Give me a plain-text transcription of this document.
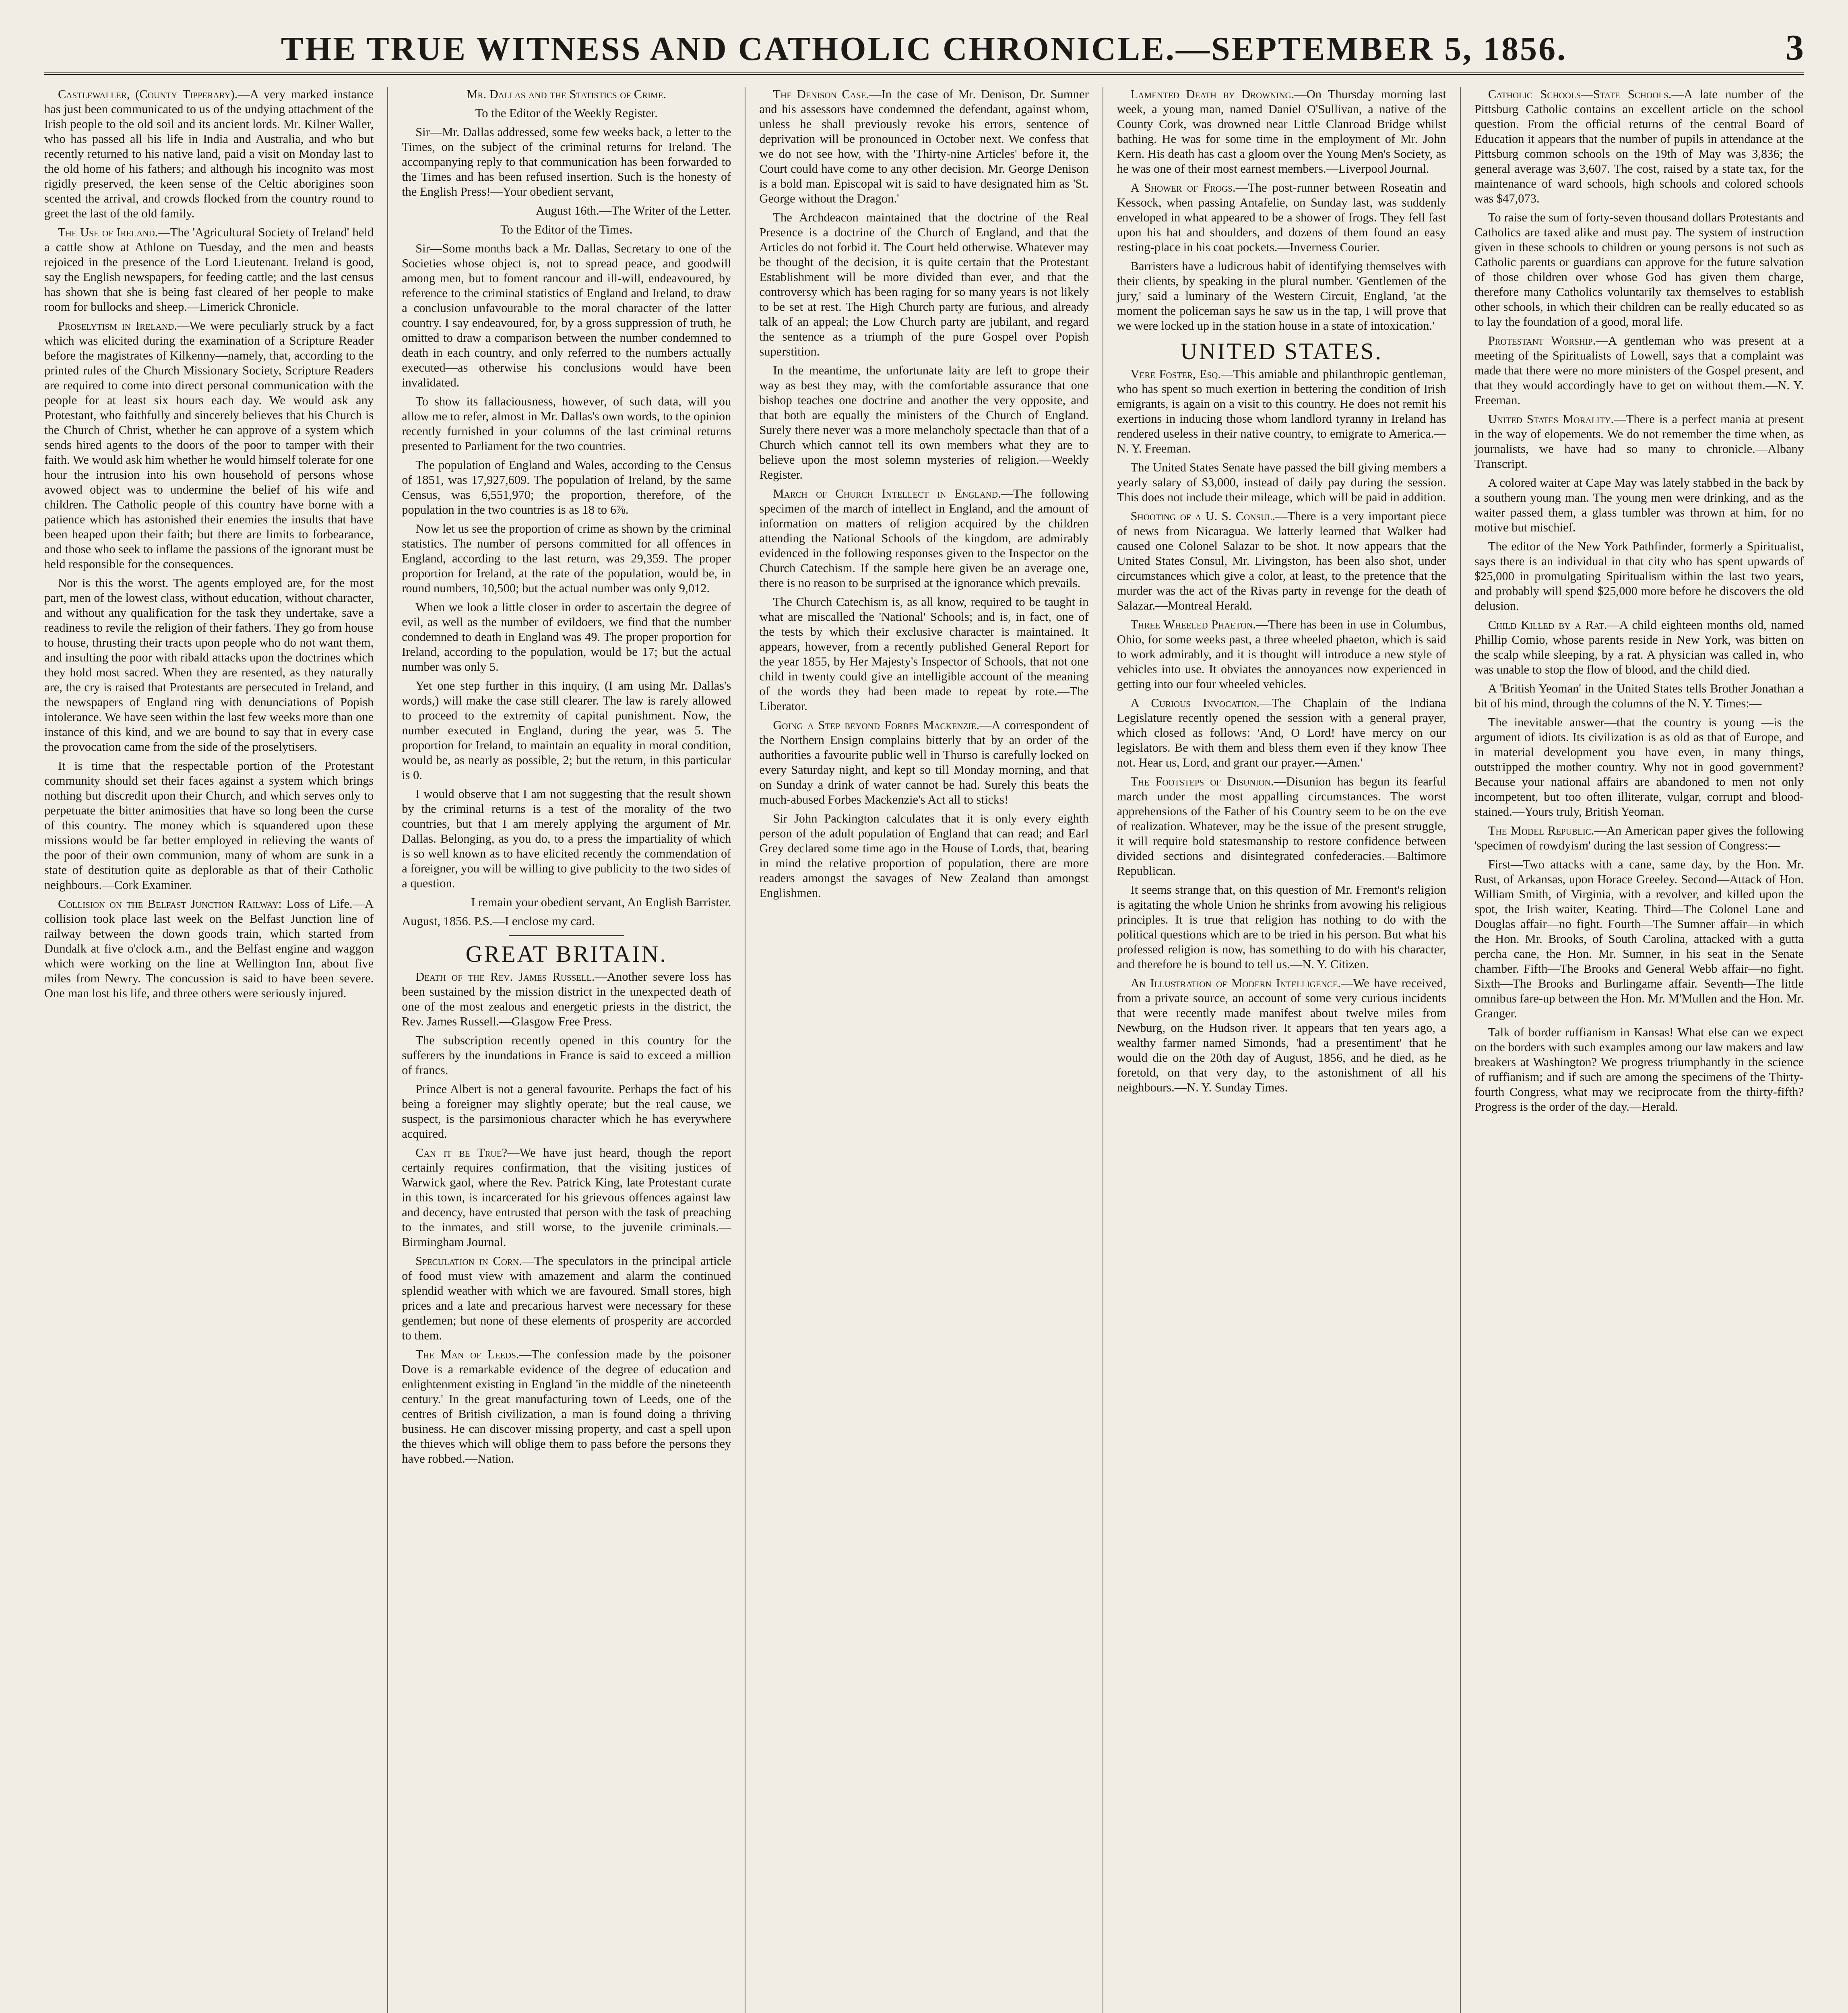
THE TRUE WITNESS AND CATHOLIC CHRONICLE.—SEPTEMBER 5, 1856.	3

Castlewaller, (County Tipperary).—A very marked instance has just been communicated to us of the undying attachment of the Irish people to the old soil and its ancient lords. Mr. Kilner Waller, who has passed all his life in India and Australia, and who but recently returned to his native land, paid a visit on Monday last to the old home of his fathers; and although his incognito was most rigidly preserved, the keen sense of the Celtic aborigines soon scented the arrival, and crowds flocked from the country round to greet the last of the old family.

The Use of Ireland.—The 'Agricultural Society of Ireland' held a cattle show at Athlone on Tuesday, and the men and beasts rejoiced in the presence of the Lord Lieutenant. Ireland is good, say the English newspapers, for feeding cattle; and the last census has shown that she is being fast cleared of her people to make room for bullocks and sheep.—Limerick Chronicle.

Proselytism in Ireland.—We were peculiarly struck by a fact which was elicited during the examination of a Scripture Reader before the magistrates of Kilkenny—namely, that, according to the printed rules of the Church Missionary Society, Scripture Readers are required to come into direct personal communication with the people for at least six hours each day. We would ask any Protestant, who faithfully and sincerely believes that his Church is the Church of Christ, whether he can approve of a system which sends hired agents to the doors of the poor to tamper with their faith. We would ask him whether he would himself tolerate for one hour the intrusion into his own household of persons whose avowed object was to undermine the belief of his wife and children. The Catholic people of this country have borne with a patience which has astonished their enemies the insults that have been heaped upon their faith; but there are limits to forbearance, and those who seek to inflame the passions of the ignorant must be held responsible for the consequences.

Nor is this the worst. The agents employed are, for the most part, men of the lowest class, without education, without character, and without any qualification for the task they undertake, save a readiness to revile the religion of their fathers. They go from house to house, thrusting their tracts upon people who do not want them, and insulting the poor with ribald attacks upon the doctrines which they hold most sacred. When they are resented, as they naturally are, the cry is raised that Protestants are persecuted in Ireland, and the newspapers of England ring with denunciations of Popish intolerance. We have seen within the last few weeks more than one instance of this kind, and we are bound to say that in every case the provocation came from the side of the proselytisers.

It is time that the respectable portion of the Protestant community should set their faces against a system which brings nothing but discredit upon their Church, and which serves only to perpetuate the bitter animosities that have so long been the curse of this country. The money which is squandered upon these missions would be far better employed in relieving the wants of the poor of their own communion, many of whom are sunk in a state of destitution quite as deplorable as that of their Catholic neighbours.—Cork Examiner.

Collision on the Belfast Junction Railway: Loss of Life.—A collision took place last week on the Belfast Junction line of railway between the down goods train, which started from Dundalk at five o'clock a.m., and the Belfast engine and waggon which were working on the line at Wellington Inn, about five miles from Newry. The concussion is said to have been severe. One man lost his life, and three others were seriously injured.

Mr. Dallas and the Statistics of Crime.

To the Editor of the Weekly Register.

Sir—Mr. Dallas addressed, some few weeks back, a letter to the Times, on the subject of the criminal returns for Ireland. The accompanying reply to that communication has been forwarded to the Times and has been refused insertion. Such is the honesty of the English Press!—Your obedient servant,

August 16th.—The Writer of the Letter.

To the Editor of the Times.

Sir—Some months back a Mr. Dallas, Secretary to one of the Societies whose object is, not to spread peace, and goodwill among men, but to foment rancour and ill-will, endeavoured, by reference to the criminal statistics of England and Ireland, to draw a conclusion unfavourable to the moral character of the latter country. I say endeavoured, for, by a gross suppression of truth, he omitted to draw a comparison between the number condemned to death in each country, and only referred to the numbers actually executed—as otherwise his conclusions would have been invalidated.

To show its fallaciousness, however, of such data, will you allow me to refer, almost in Mr. Dallas's own words, to the opinion recently furnished in your columns of the last criminal returns presented to Parliament for the two countries.

The population of England and Wales, according to the Census of 1851, was 17,927,609. The population of Ireland, by the same Census, was 6,551,970; the proportion, therefore, of the population in the two countries is as 18 to 6⅞.

Now let us see the proportion of crime as shown by the criminal statistics. The number of persons committed for all offences in England, according to the last return, was 29,359. The proper proportion for Ireland, at the rate of the population, would be, in round numbers, 10,500; but the actual number was only 9,012.

When we look a little closer in order to ascertain the degree of evil, as well as the number of evildoers, we find that the number condemned to death in England was 49. The proper proportion for Ireland, according to the population, would be 17; but the actual number was only 5.

Yet one step further in this inquiry, (I am using Mr. Dallas's words,) will make the case still clearer. The law is rarely allowed to proceed to the extremity of capital punishment. Now, the number executed in England, during the year, was 5. The proportion for Ireland, to maintain an equality in moral condition, would be, as nearly as possible, 2; but the return, in this particular is 0.

I would observe that I am not suggesting that the result shown by the criminal returns is a test of the morality of the two countries, but that I am merely applying the argument of Mr. Dallas. Belonging, as you do, to a press the impartiality of which is so well known as to have elicited recently the commendation of a foreigner, you will be willing to give publicity to the two sides of a question.

I remain your obedient servant, An English Barrister.

August, 1856. P.S.—I enclose my card.

GREAT BRITAIN.

Death of the Rev. James Russell.—Another severe loss has been sustained by the mission district in the unexpected death of one of the most zealous and energetic priests in the district, the Rev. James Russell.—Glasgow Free Press.

The subscription recently opened in this country for the sufferers by the inundations in France is said to exceed a million of francs.

Prince Albert is not a general favourite. Perhaps the fact of his being a foreigner may slightly operate; but the real cause, we suspect, is the parsimonious character which he has everywhere acquired.

Can it be True?—We have just heard, though the report certainly requires confirmation, that the visiting justices of Warwick gaol, where the Rev. Patrick King, late Protestant curate in this town, is incarcerated for his grievous offences against law and decency, have entrusted that person with the task of preaching to the inmates, and still worse, to the juvenile criminals.—Birmingham Journal.

Speculation in Corn.—The speculators in the principal article of food must view with amazement and alarm the continued splendid weather with which we are favoured. Small stores, high prices and a late and precarious harvest were necessary for these gentlemen; but none of these elements of prosperity are accorded to them.

The Man of Leeds.—The confession made by the poisoner Dove is a remarkable evidence of the degree of education and enlightenment existing in England 'in the middle of the nineteenth century.' In the great manufacturing town of Leeds, one of the centres of British civilization, a man is found doing a thriving business. He can discover missing property, and cast a spell upon the thieves which will oblige them to pass before the persons they have robbed.—Nation.

The Denison Case.—In the case of Mr. Denison, Dr. Sumner and his assessors have condemned the defendant, against whom, unless he shall previously revoke his errors, sentence of deprivation will be pronounced in October next. We confess that we do not see how, with the 'Thirty-nine Articles' before it, the Court could have come to any other decision. Mr. George Denison is a bold man. Episcopal wit is said to have designated him as 'St. George without the Dragon.'

The Archdeacon maintained that the doctrine of the Real Presence is a doctrine of the Church of England, and that the Articles do not forbid it. The Court held otherwise. Whatever may be thought of the decision, it is quite certain that the Protestant Establishment will be more divided than ever, and that the controversy which has been raging for so many years is not likely to be set at rest. The High Church party are furious, and already talk of an appeal; the Low Church party are jubilant, and regard the sentence as a triumph of the pure Gospel over Popish superstition.

In the meantime, the unfortunate laity are left to grope their way as best they may, with the comfortable assurance that one bishop teaches one doctrine and another the very opposite, and that both are equally the ministers of the Church of England. Surely there never was a more melancholy spectacle than that of a Church which cannot tell its own members what they are to believe upon the most solemn mysteries of religion.—Weekly Register.

March of Church Intellect in England.—The following specimen of the march of intellect in England, and the amount of information on matters of religion acquired by the children attending the National Schools of the kingdom, are admirably evidenced in the following responses given to the Inspector on the Church Catechism. If the sample here given be an average one, there is no reason to be surprised at the ignorance which prevails.

The Church Catechism is, as all know, required to be taught in what are miscalled the 'National' Schools; and is, in fact, one of the tests by which their exclusive character is maintained. It appears, however, from a recently published General Report for the year 1855, by Her Majesty's Inspector of Schools, that not one child in twenty could give an intelligible account of the meaning of the words they had been made to repeat by rote.—The Liberator.

Going a Step beyond Forbes Mackenzie.—A correspondent of the Northern Ensign complains bitterly that by an order of the authorities a favourite public well in Thurso is carefully locked on every Saturday night, and kept so till Monday morning, and that on Sunday a drink of water cannot be had. Surely this beats the much-abused Forbes Mackenzie's Act all to sticks!

Sir John Packington calculates that it is only every eighth person of the adult population of England that can read; and Earl Grey declared some time ago in the House of Lords, that, bearing in mind the relative proportion of population, there are more readers amongst the savages of New Zealand than amongst Englishmen.

Lamented Death by Drowning.—On Thursday morning last week, a young man, named Daniel O'Sullivan, a native of the County Cork, was drowned near Little Clanroad Bridge whilst bathing. He was for some time in the employment of Mr. John Kern. His death has cast a gloom over the Young Men's Society, as he was one of their most earnest members.—Liverpool Journal.

A Shower of Frogs.—The post-runner between Roseatin and Kessock, when passing Antafelie, on Sunday last, was suddenly enveloped in what appeared to be a shower of frogs. They fell fast upon his hat and shoulders, and dozens of them found an easy resting-place in his coat pockets.—Inverness Courier.

Barristers have a ludicrous habit of identifying themselves with their clients, by speaking in the plural number. 'Gentlemen of the jury,' said a luminary of the Western Circuit, England, 'at the moment the policeman says he saw us in the tap, I will prove that we were locked up in the station house in a state of intoxication.'

UNITED STATES.

Vere Foster, Esq.—This amiable and philanthropic gentleman, who has spent so much exertion in bettering the condition of Irish emigrants, is again on a visit to this country. He does not remit his exertions in inducing those whom landlord tyranny in Ireland has rendered useless in their native country, to emigrate to America.—N. Y. Freeman.

The United States Senate have passed the bill giving members a yearly salary of $3,000, instead of daily pay during the session. This does not include their mileage, which will be paid in addition.

Shooting of a U. S. Consul.—There is a very important piece of news from Nicaragua. We latterly learned that Walker had caused one Colonel Salazar to be shot. It now appears that the United States Consul, Mr. Livingston, has been also shot, under circumstances which give a color, at least, to the pretence that the murder was the act of the Rivas party in revenge for the death of Salazar.—Montreal Herald.

Three Wheeled Phaeton.—There has been in use in Columbus, Ohio, for some weeks past, a three wheeled phaeton, which is said to work admirably, and it is thought will introduce a new style of vehicles into use. It obviates the annoyances now experienced in getting into our four wheeled vehicles.

A Curious Invocation.—The Chaplain of the Indiana Legislature recently opened the session with a general prayer, which closed as follows: 'And, O Lord! have mercy on our legislators. Be with them and bless them even if they know Thee not. Hear us, Lord, and grant our prayer.—Amen.'

The Footsteps of Disunion.—Disunion has begun its fearful march under the most appalling circumstances. The worst apprehensions of the Father of his Country seem to be on the eve of realization. Whatever, may be the issue of the present struggle, it will require bold statesmanship to restore confidence between divided sections and disintegrated confederacies.—Baltimore Republican.

It seems strange that, on this question of Mr. Fremont's religion is agitating the whole Union he shrinks from avowing his religious principles. It is true that religion has nothing to do with the political questions which are to be tried in his person. But what his professed religion is now, has something to do with his character, and therefore he is bound to tell us.—N. Y. Citizen.

An Illustration of Modern Intelligence.—We have received, from a private source, an account of some very curious incidents that were recently made manifest about twelve miles from Newburg, on the Hudson river. It appears that ten years ago, a wealthy farmer named Simonds, 'had a presentiment' that he would die on the 20th day of August, 1856, and he died, as he foretold, on that very day, to the astonishment of all his neighbours.—N. Y. Sunday Times.

Catholic Schools—State Schools.—A late number of the Pittsburg Catholic contains an excellent article on the school question. From the official returns of the central Board of Education it appears that the number of pupils in attendance at the Pittsburg common schools on the 19th of May was 3,836; the general average was 3,607. The cost, raised by a state tax, for the maintenance of ward schools, high schools and colored schools was $47,073.

To raise the sum of forty-seven thousand dollars Protestants and Catholics are taxed alike and must pay. The system of instruction given in these schools to children or young persons is not such as Catholic parents or guardians can approve for the future salvation of those children over whose God has given them charge, therefore many Catholics voluntarily tax themselves to establish other schools, in which their children can be really educated so as to lay the foundation of a good, moral life.

Protestant Worship.—A gentleman who was present at a meeting of the Spiritualists of Lowell, says that a complaint was made that there were no more ministers of the Gospel present, and that they would accordingly have to get on without them.—N. Y. Freeman.

United States Morality.—There is a perfect mania at present in the way of elopements. We do not remember the time when, as journalists, we have had so many to chronicle.—Albany Transcript.

A colored waiter at Cape May was lately stabbed in the back by a southern young man. The young men were drinking, and as the waiter passed them, a glass tumbler was thrown at him, for no motive but mischief.

The editor of the New York Pathfinder, formerly a Spiritualist, says there is an individual in that city who has spent upwards of $25,000 in promulgating Spiritualism within the last two years, and probably will spend $25,000 more before he discovers the old delusion.

Child Killed by a Rat.—A child eighteen months old, named Phillip Comio, whose parents reside in New York, was bitten on the scalp while sleeping, by a rat. A physician was called in, who was unable to stop the flow of blood, and the child died.

A 'British Yeoman' in the United States tells Brother Jonathan a bit of his mind, through the columns of the N. Y. Times:—

The inevitable answer—that the country is young —is the argument of idiots. Its civilization is as old as that of Europe, and in material development you have even, in many things, outstripped the mother country. Why not in good government? Because your national affairs are abandoned to men not only incompetent, but too often illiterate, vulgar, corrupt and blood-stained.—Yours truly, British Yeoman.

The Model Republic.—An American paper gives the following 'specimen of rowdyism' during the last session of Congress:—

First—Two attacks with a cane, same day, by the Hon. Mr. Rust, of Arkansas, upon Horace Greeley. Second—Attack of Hon. William Smith, of Virginia, with a revolver, and killed upon the spot, the Irish waiter, Keating. Third—The Colonel Lane and Douglas affair—no fight. Fourth—The Sumner affair—in which the Hon. Mr. Brooks, of South Carolina, attacked with a gutta percha cane, the Hon. Mr. Sumner, in his seat in the Senate chamber. Fifth—The Brooks and General Webb affair—no fight. Sixth—The Brooks and Burlingame affair. Seventh—The little omnibus fare-up between the Hon. Mr. M'Mullen and the Hon. Mr. Granger.

Talk of border ruffianism in Kansas! What else can we expect on the borders with such examples among our law makers and law breakers at Washington? We progress triumphantly in the science of ruffianism; and if such are among the specimens of the Thirty-fourth Congress, what may we reciprocate from the thirty-fifth? Progress is the order of the day.—Herald.
